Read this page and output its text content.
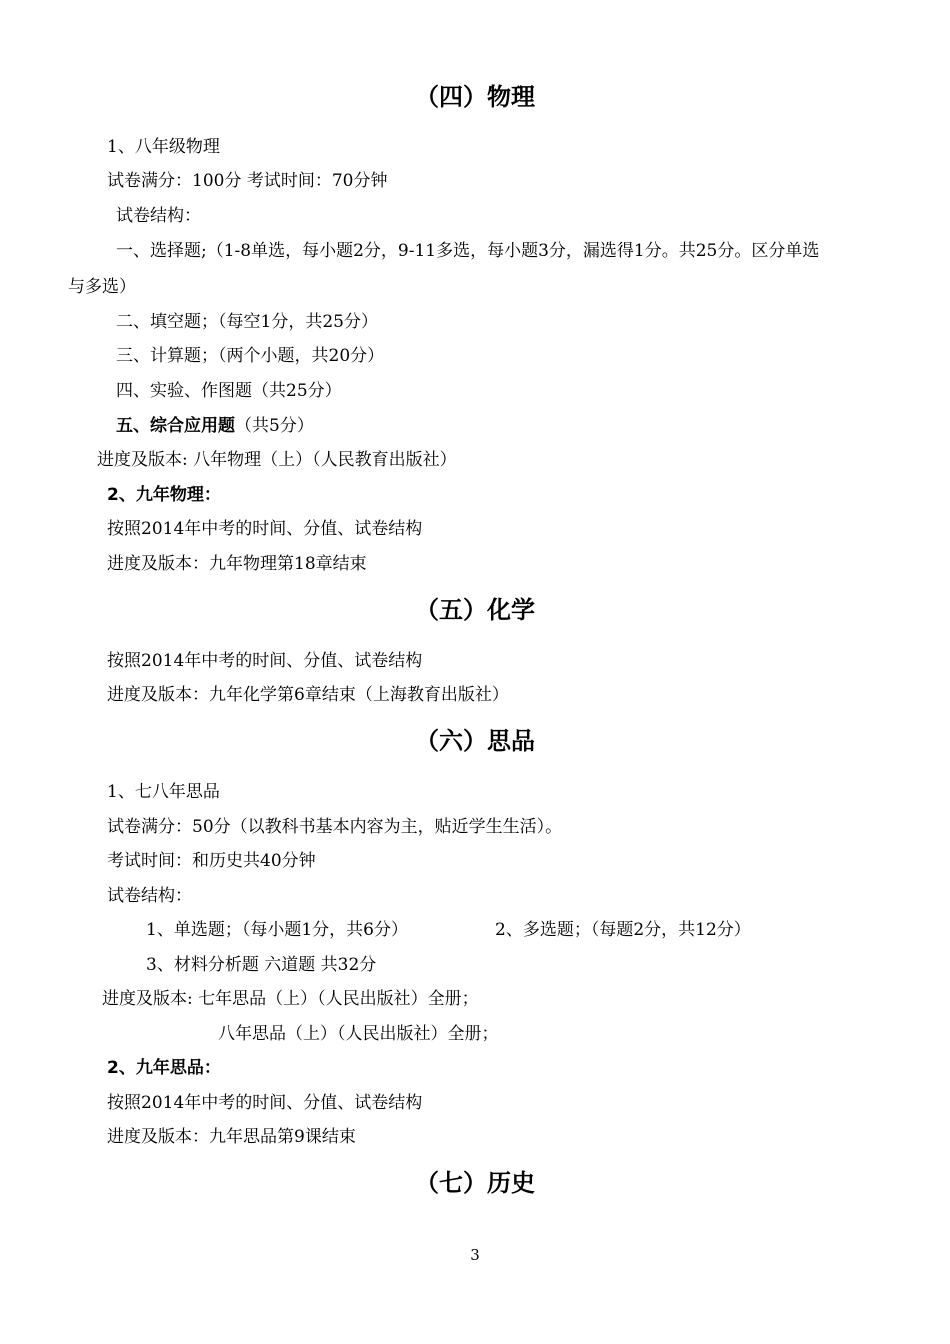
（四）物理
1、八年级物理
试卷满分：100分 考试时间：70分钟
试卷结构：
一、选择题;（1-8单选，每小题2分，9-11多选，每小题3分，漏选得1分。共25分。区分单选
与多选）
二、填空题；（每空1分，共25分）
三、计算题；（两个小题，共20分）
四、实验、作图题（共25分）
五、综合应用题（共5分）
进度及版本: 八年物理（上）（人民教育出版社）
2、九年物理：
按照2014年中考的时间、分值、试卷结构
进度及版本：九年物理第18章结束
（五）化学
按照2014年中考的时间、分值、试卷结构
进度及版本：九年化学第6章结束（上海教育出版社）
（六）思品
1、七八年思品
试卷满分：50分（以教科书基本内容为主，贴近学生生活）。
考试时间：和历史共40分钟
试卷结构：
1、单选题；（每小题1分，共6分）	2、多选题；（每题2分，共12分）
3、材料分析题 六道题 共32分
进度及版本: 七年思品（上）（人民出版社）全册；
八年思品（上）（人民出版社）全册；
2、九年思品：
按照2014年中考的时间、分值、试卷结构
进度及版本：九年思品第9课结束
（七）历史
3
